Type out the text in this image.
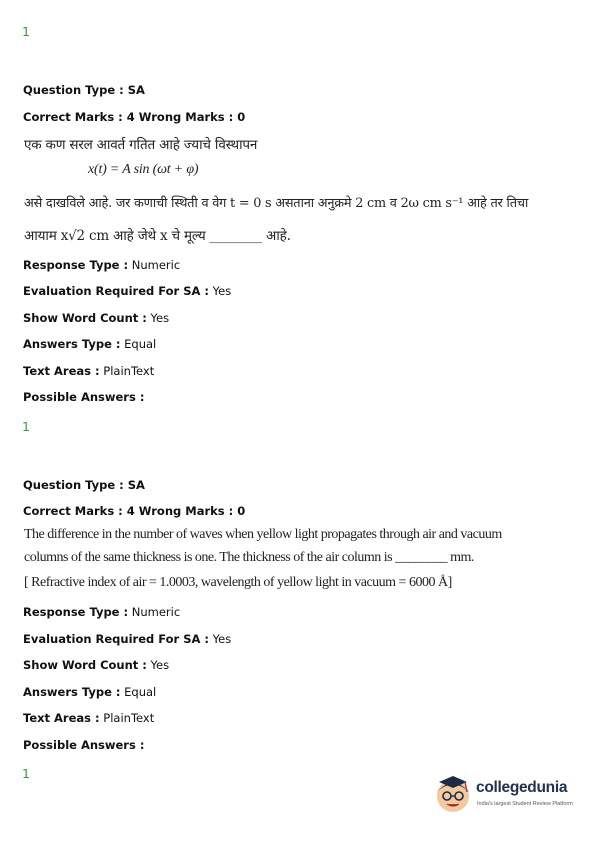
1
Question Type : SA
Correct Marks : 4 Wrong Marks : 0
एक कण सरल आवर्त गतित आहे ज्याचे विस्थापन
x(t) = A sin (ωt + φ)
असे दाखविले आहे. जर कणाची स्थिती व वेग t = 0 s असताना अनुक्रमे 2 cm व 2ω cm s⁻¹ आहे तर तिचा
आयाम x√2 cm आहे जेथे x चे मूल्य ________ आहे.
Response Type : Numeric
Evaluation Required For SA : Yes
Show Word Count : Yes
Answers Type : Equal
Text Areas : PlainText
Possible Answers :
1
Question Type : SA
Correct Marks : 4 Wrong Marks : 0
The difference in the number of waves when yellow light propagates through air and vacuum
columns of the same thickness is one. The thickness of the air column is ________ mm.
[ Refractive index of air = 1.0003, wavelength of yellow light in vacuum = 6000 Å]
Response Type : Numeric
Evaluation Required For SA : Yes
Show Word Count : Yes
Answers Type : Equal
Text Areas : PlainText
Possible Answers :
1
collegedunia
India's largest Student Review Platform
